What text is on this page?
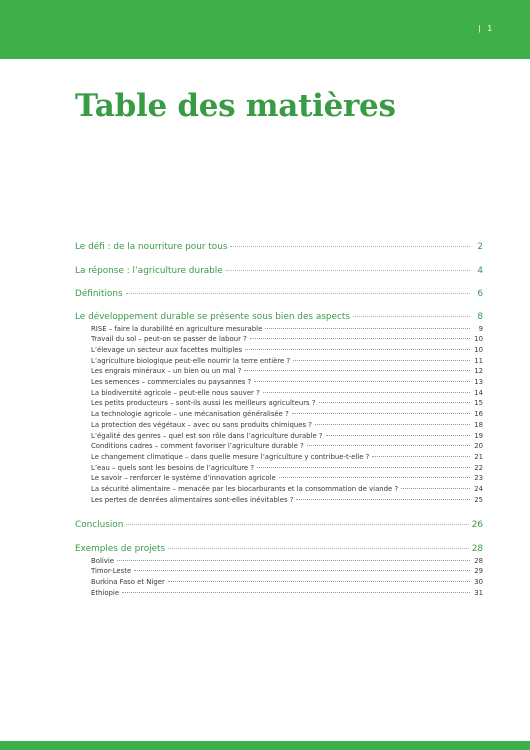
| 1
Table des matières
Le défi : de la nourriture pour tous	2
La réponse : l’agriculture durable	4
Définitions	6
Le développement durable se présente sous bien des aspects	8
RISE – faire la durabilité en agriculture mesurable	9
Travail du sol – peut-on se passer de labour ?	10
L’élevage un secteur aux facettes multiples	10
L’agriculture biologique peut-elle nourrir la terre entière ?	11
Les engrais minéraux – un bien ou un mal ?	12
Les semences – commerciales ou paysannes ?	13
La biodiversité agricole – peut-elle nous sauver ?	14
Les petits producteurs – sont-ils aussi les meilleurs agriculteurs ?	15
La technologie agricole – une mécanisation généralisée ?	16
La protection des végétaux – avec ou sans produits chimiques ?	18
L’égalité des genres – quel est son rôle dans l’agriculture durable ?	19
Conditions cadres – comment favoriser l’agriculture durable ?	20
Le changement climatique – dans quelle mesure l’agriculture y contribue-t-elle ?	21
L’eau – quels sont les besoins de l’agriculture ?	22
Le savoir – renforcer le système d’innovation agricole	23
La sécurité alimentaire – menacée par les biocarburants et la consommation de viande ?	24
Les pertes de denrées alimentaires sont-elles inévitables ?	25
Conclusion	26
Exemples de projets	28
Bolivie	28
Timor-Leste	29
Burkina Faso et Niger	30
Éthiopie	31
